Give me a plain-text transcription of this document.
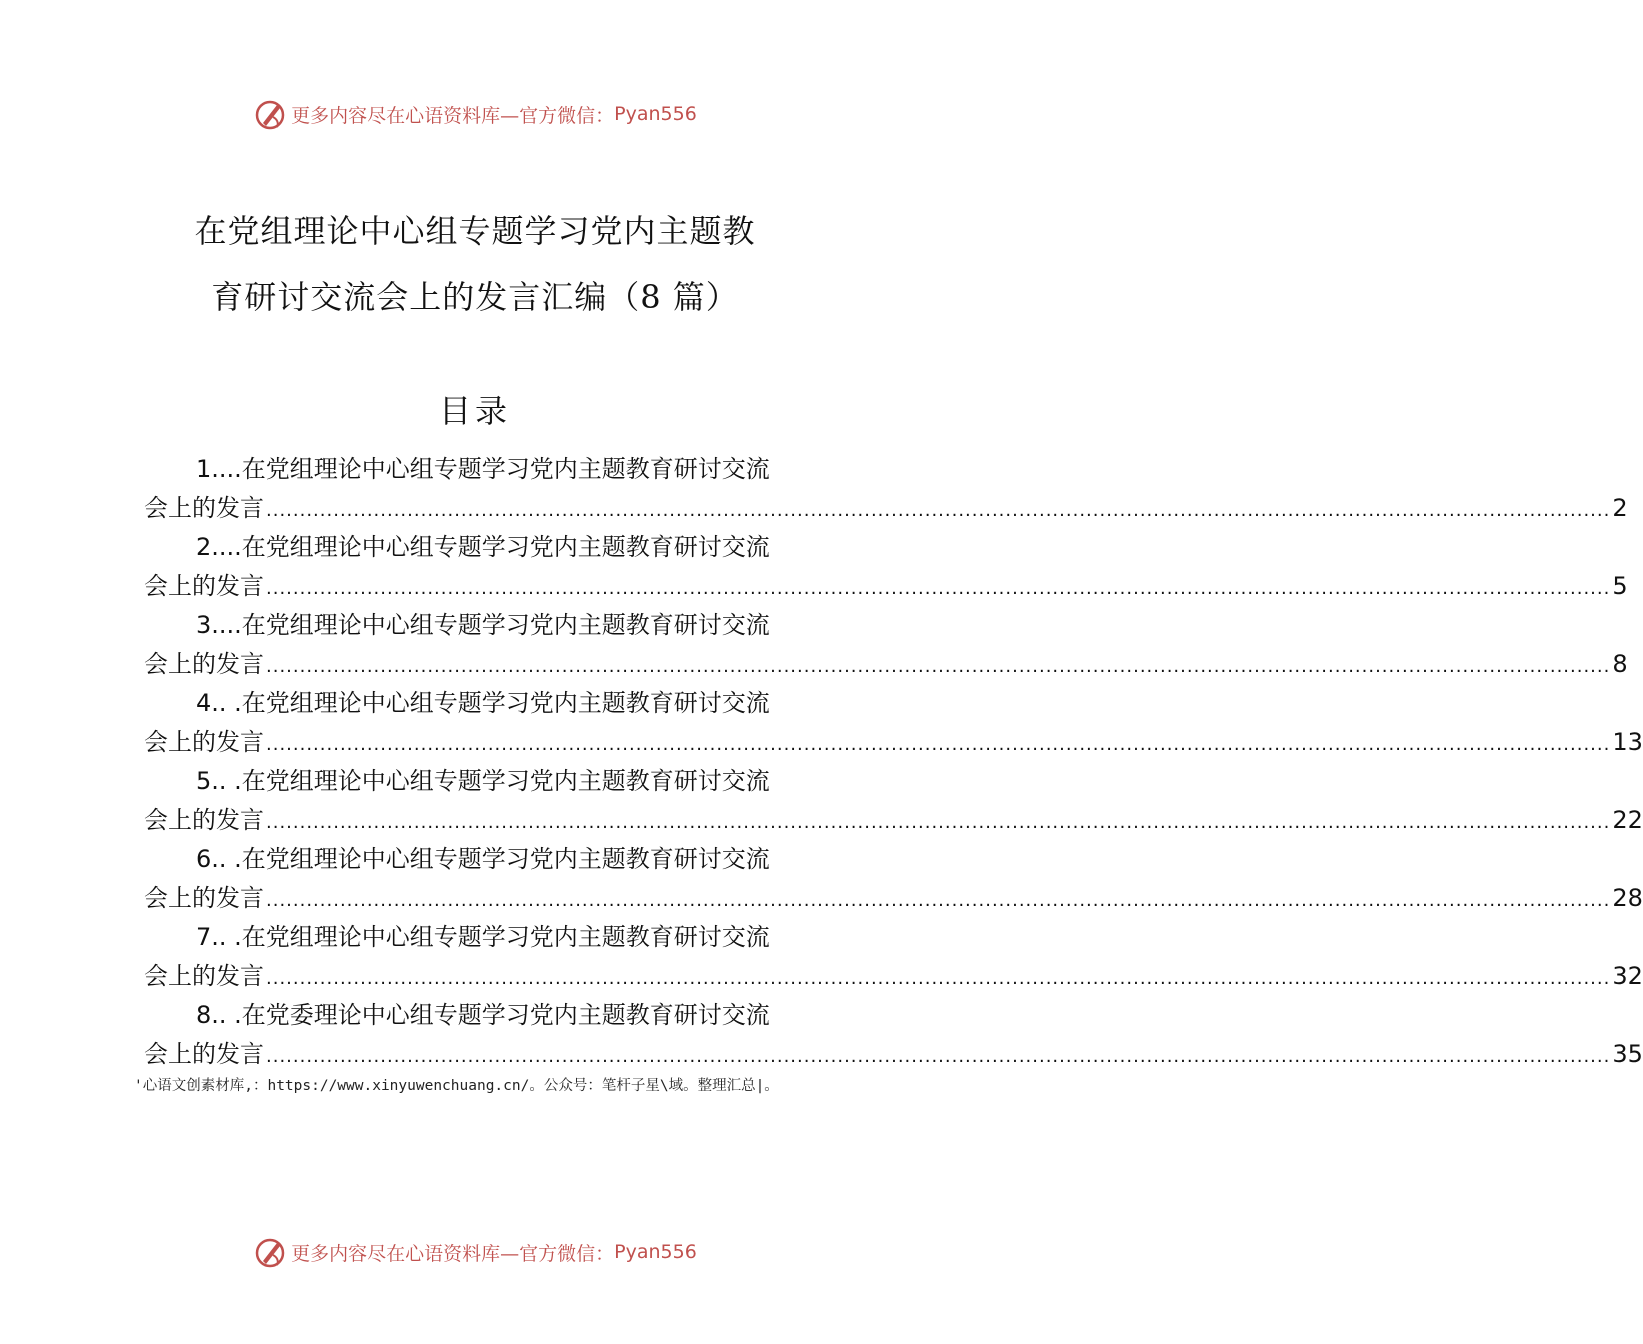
更多内容尽在心语资料库—官方微信： Pyan556
在党组理论中心组专题学习党内主题教
育研讨交流会上的发言汇编（8 篇）
目录
1....在党组理论中心组专题学习党内主题教育研讨交流
会上的发言 ........................................................................................................................................................................................................ 2
2....在党组理论中心组专题学习党内主题教育研讨交流
会上的发言 ........................................................................................................................................................................................................ 5
3....在党组理论中心组专题学习党内主题教育研讨交流
会上的发言 ........................................................................................................................................................................................................ 8
4.. .在党组理论中心组专题学习党内主题教育研讨交流
会上的发言 ........................................................................................................................................................................................................ 13
5.. .在党组理论中心组专题学习党内主题教育研讨交流
会上的发言 ........................................................................................................................................................................................................ 22
6.. .在党组理论中心组专题学习党内主题教育研讨交流
会上的发言 ........................................................................................................................................................................................................ 28
7.. .在党组理论中心组专题学习党内主题教育研讨交流
会上的发言 ........................................................................................................................................................................................................ 32
8.. .在党委理论中心组专题学习党内主题教育研讨交流
会上的发言 ........................................................................................................................................................................................................ 35
'心语文创素材库,：https://www.xinyuwenchuang.cn/。公众号：笔杆子星\域。整理汇总|。
更多内容尽在心语资料库—官方微信： Pyan556
